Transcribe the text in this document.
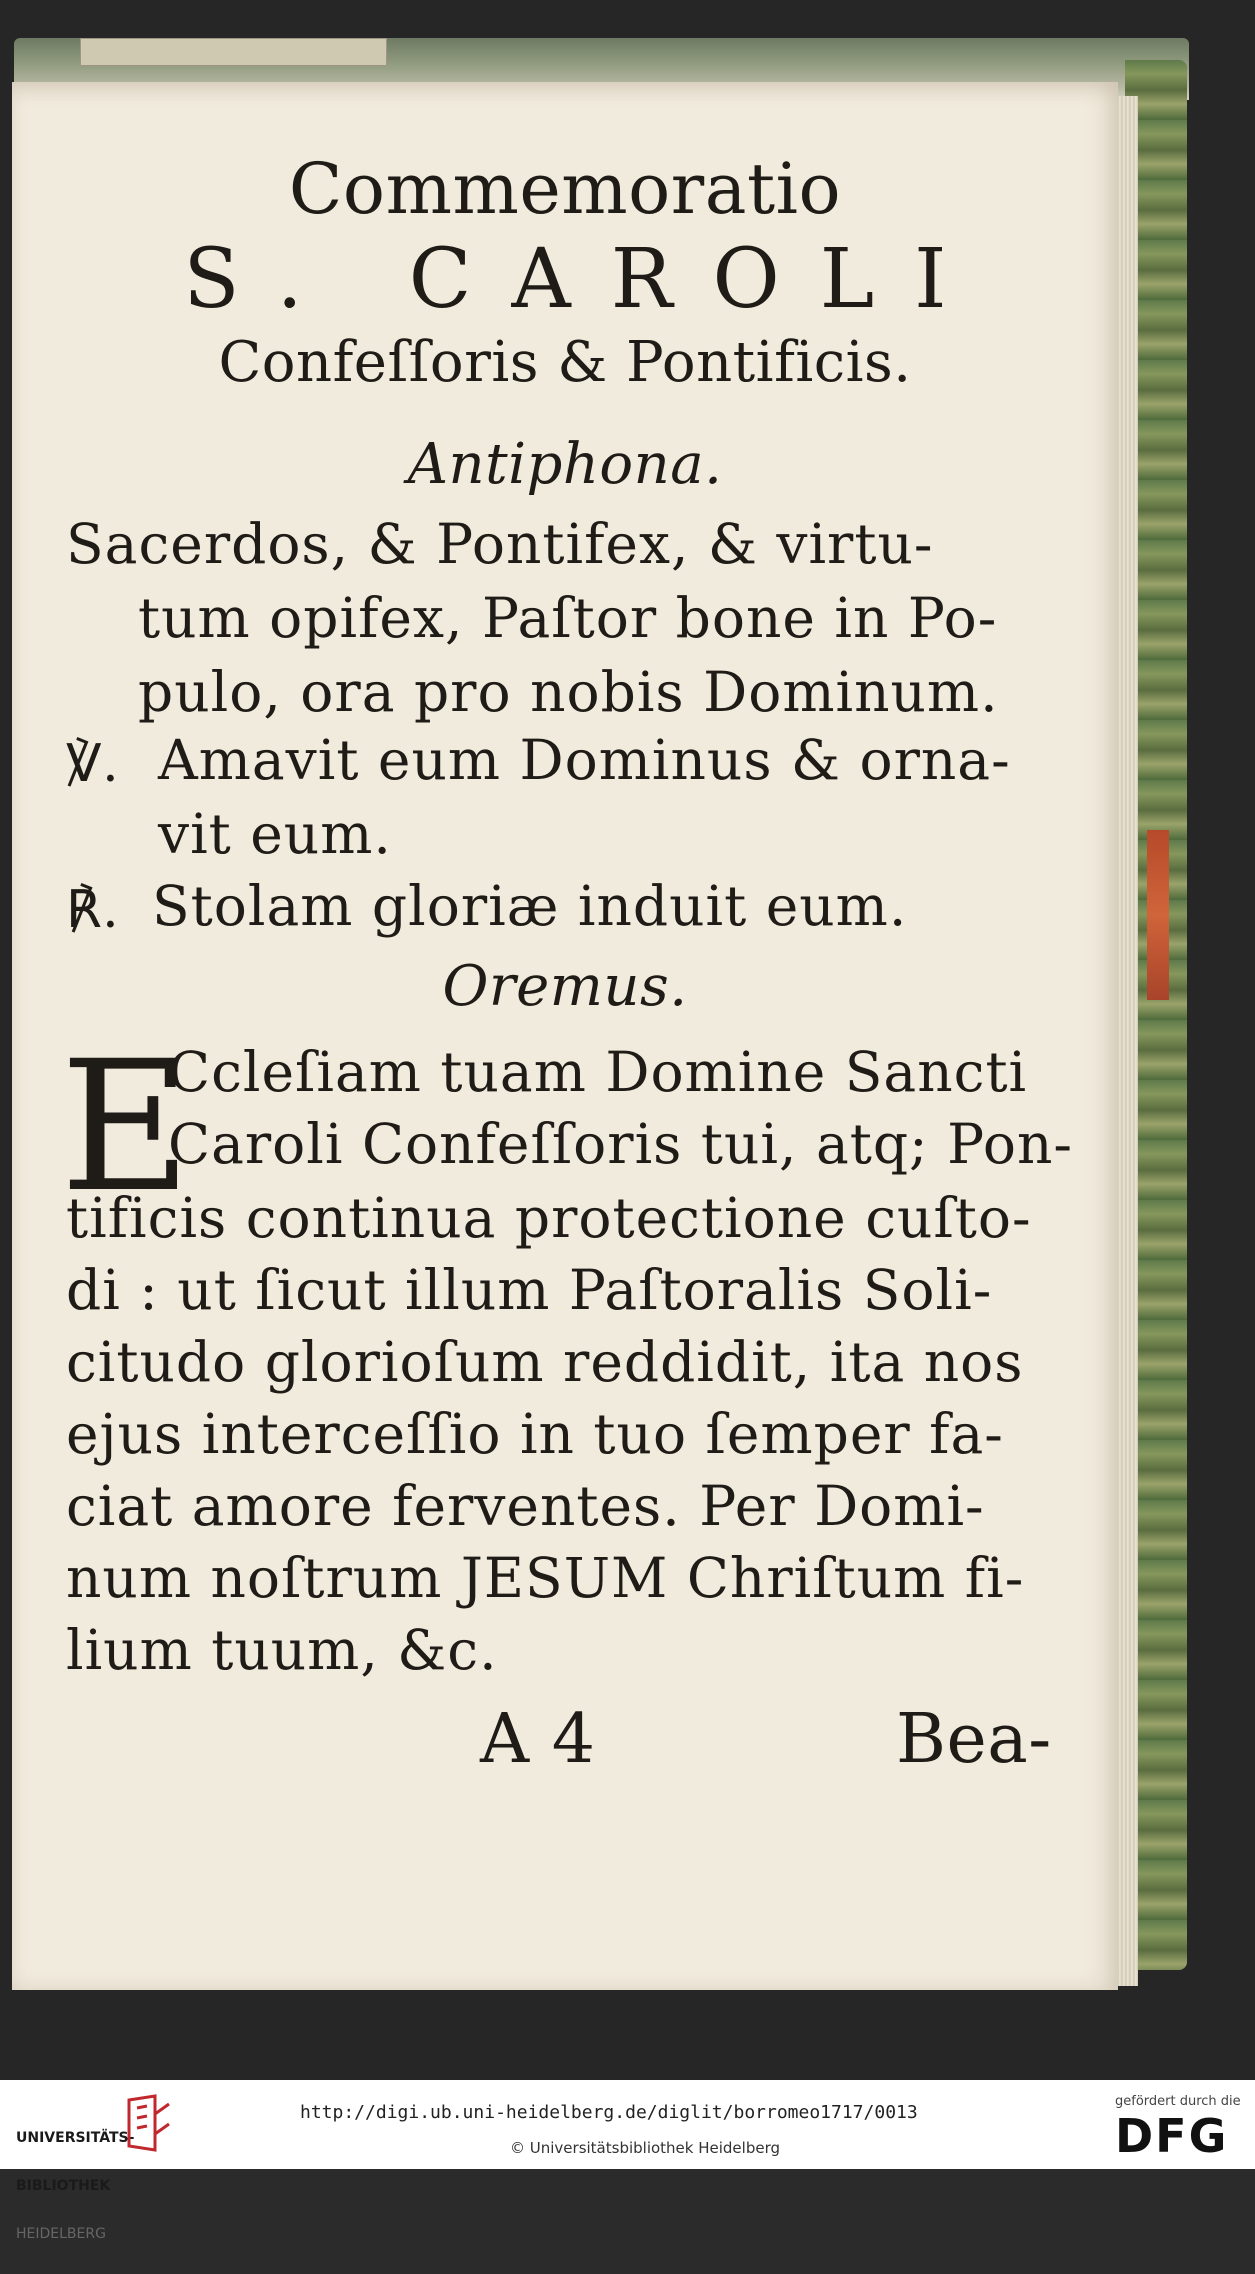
Commemoratio

S. CAROLI

Confeſſoris & Pontificis.

Antiphona.

Sacerdos, & Pontifex, & virtu-

tum opifex, Paſtor bone in Po-

pulo, ora pro nobis Dominum.

℣. Amavit eum Dominus & orna-

vit eum.

℟. Stolam gloriæ induit eum.

Oremus.

E

Ccleſiam tuam Domine Sancti

Caroli Confeſſoris tui, atq; Pon-

tificis continua protectione cuſto-

di : ut ſicut illum Paſtoralis Soli-

citudo glorioſum reddidit, ita nos

ejus interceſſio in tuo ſemper fa-

ciat amore ferventes. Per Domi-

num noſtrum JESUM Chriſtum fi-

lium tuum, &c.

A 4	Bea-

UNIVERSITÄTS-

BIBLIOTHEK

HEIDELBERG

http://digi.ub.uni-heidelberg.de/diglit/borromeo1717/0013
© Universitätsbibliothek Heidelberg
gefördert durch die
DFG
